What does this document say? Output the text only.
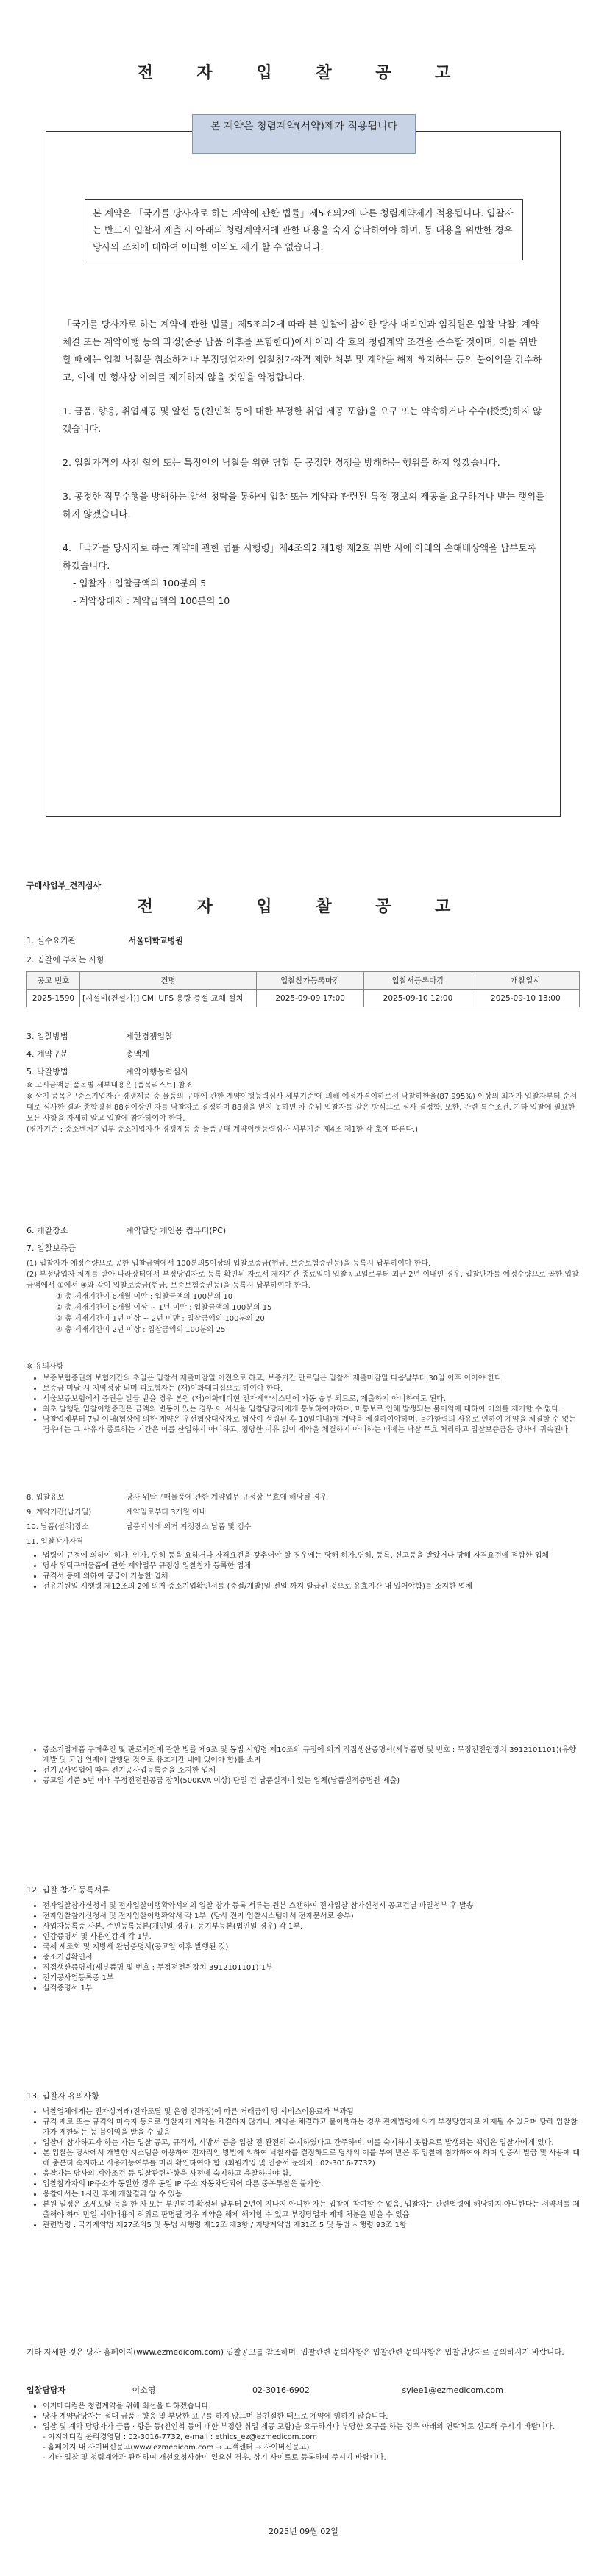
전 자 입 찰 공 고
본 계약은 청렴계약(서약)제가 적용됩니다
본 계약은 「국가를 당사자로 하는 계약에 관한 법률」제5조의2에 따른 청렴계약제가 적용됩니다. 입찰자는 반드시 입찰서 제출 시 아래의 청렴계약서에 관한 내용을 숙지 승낙하여야 하며, 동 내용을 위반한 경우 당사의 조치에 대하여 어떠한 이의도 제기 할 수 없습니다.

「국가를 당사자로 하는 계약에 관한 법률」제5조의2에 따라 본 입찰에 참여한 당사 대리인과 임직원은 입찰 낙찰, 계약체결 또는 계약이행 등의 과정(준공 납품 이후를 포함한다)에서 아래 각 호의 청렴계약 조건을 준수할 것이며, 이를 위반할 때에는 입찰 낙찰을 취소하거나 부정당업자의 입찰참가자격 제한 처분 및 계약을 해제 해지하는 등의 불이익을 감수하고, 이에 민 형사상 이의를 제기하지 않을 것임을 약정합니다.

1. 금품, 향응, 취업제공 및 알선 등(친인척 등에 대한 부정한 취업 제공 포함)을 요구 또는 약속하거나 수수(授受)하지 않겠습니다.

2. 입찰가격의 사전 협의 또는 특정인의 낙찰을 위한 담합 등 공정한 경쟁을 방해하는 행위를 하지 않겠습니다.

3. 공정한 직무수행을 방해하는 알선 청탁을 통하여 입찰 또는 계약과 관련된 특정 정보의 제공을 요구하거나 받는 행위를 하지 않겠습니다.

4. 「국가를 당사자로 하는 계약에 관한 법률 시행령」제4조의2 제1항 제2호 위반 시에 아래의 손해배상액을 납부토록 하겠습니다.

- 입찰자 : 입찰금액의 100분의 5

- 계약상대자 : 계약금액의 100분의 10

구매사업부_견적심사
전 자 입 찰 공 고
1. 실수요기관	서울대학교병원
2. 입찰에 부치는 사항
공고 번호	건명	입찰참가등록마감	입찰서등록마감	개찰일시
2025-1590	[시설비(건설가)] CMI UPS 용량 증설 교체 설치	2025-09-09 17:00	2025-09-10 12:00	2025-09-10 13:00
3. 입찰방법	제한경쟁입찰
4. 계약구분	총액계
5. 낙찰방법	계약이행능력심사
※ 고시금액등 품목별 세부내용은 [품목리스트] 참조
※ 상기 품목은 '중소기업자간 경쟁제품 중 물품의 구매에 관한 계약이행능력심사 세부기준'에 의해 예정가격이하로서 낙찰하한율(87.995%) 이상의 최저가 입찰자부터 순서대로 심사한 결과 종합평점 88점이상인 자를 낙찰자로 결정하며 88점을 얻지 못하면 차 순위 입찰자를 같은 방식으로 심사 결정함. 또한, 관련 특수조건, 기타 입찰에 필요한 모든 사항을 자세히 알고 입찰에 참가하여야 한다.
(평가기준 : 중소벤처기업부 중소기업자간 경쟁제품 중 물품구매 계약이행능력심사 세부기준 제4조 제1항 각 호에 따른다.)
6. 개찰장소	계약담당 개인용 컴퓨터(PC)
7. 입찰보증금
(1) 입찰자가 예정수량으로 공한 입찰금액에서 100분의5이상의 입찰보증금(현금, 보증보험증권등)을 등록시 납부하여야 한다.
(2) 부정당업자 처제를 받아 나라장터에서 부정당업자로 등록 확인된 자로서 제재기간 종료일이 입찰공고일로부터 최근 2년 이내인 경우, 입찰단가를 예정수량으로 곱한 입찰금액에서 ①에서 ④와 같이 입찰보증금(현금, 보증보험증권등)을 등록시 납부하여야 한다.
① 총 제재기간이 6개월 미만 : 입찰금액의 100분의 10
② 총 제재기간이 6개월 이상 ~ 1년 미만 : 입찰금액의 100분의 15
③ 총 제재기간이 1년 이상 ~ 2년 미만 : 입찰금액의 100분의 20
④ 총 제재기간이 2년 이상 : 입찰금액의 100분의 25
※ 유의사항
• 보증보험증권의 보험기간의 초일은 입찰서 제출마감일 이전으로 하고, 보증기간 만료일은 입찰서 제출마감일 다음날부터 30일 이후 이어야 한다.
• 보증금 미달 시 지역정상 되며 피보험자는 (재)이화대디집으로 하여야 한다.
• 서울보증보험에서 증권을 발급 받을 경우 본원 (재)이화대디현 전자계약시스템에 자동 승부 되므로, 제출하지 아니하여도 된다.
• 최초 발행된 입찰이행증권은 금액의 변동이 있는 경우 이 서식을 입찰담당자에게 통보하여야하며, 미통보로 인해 발생되는 불이익에 대하여 이의를 제기할 수 없다.
• 낙찰업체부터 7일 이내(협상에 의한 계약은 우선협상대상자로 협상이 성립된 후 10일이내)에 계약을 체결하여야하며, 불가항력의 사유로 인하여 계약을 체결할 수 없는 경우에는 그 사유가 종료하는 기간은 이를 산입하지 아니하고, 정당한 이유 없이 계약을 체결하지 아니하는 때에는 낙찰 무효 처리하고 입찰보증금은 당사에 귀속된다.
8. 입찰유보	당사 위탁구매물품에 관한 계약업무 규정상 무효에 해당될 경우
9. 계약기간(납기일)	계약일로부터 3개월 이내
10. 납품(설치)장소	납품지시에 의거 지정장소 납품 및 검수
11. 입찰참가자격
• 법령이 규정에 의하여 허가, 인가, 면허 등을 요하거나 자격요건을 갖추어야 할 경우에는 당해 허가,면허, 등록, 신고등을 받았거나 당해 자격요건에 적합한 업체
• 당사 위탁구매물품에 관한 계약업무 규정상 입찰참가 등록한 업체
• 규격서 등에 의하여 공급이 가능한 업체
• 전유기원일 시행령 제12조의 2에 의거 중소기업확인서를 (중절/개발)일 전일 까지 발급된 것으로 유효기간 내 있어야함)를 소지한 업체
• 중소기업제품 구매촉진 및 판로지원에 관한 법률 제9조 및 동법 시행령 제10조의 규정에 의거 직접생산증명서(세부품명 및 번호 : 무정전전원장치 3912101101)(유향 개발 및 고입 언제에 발행된 것으로 유효기간 내에 있어야 함)를 소지
• 전기공사업법에 따른 전기공사업등록증을 소지한 업체
• 공고일 기준 5년 이내 무정전전원공급 장치(500KVA 이상) 단일 건 납품실적이 있는 업체(납품실적증명원 제출)
12. 입찰 참가 등록서류
• 전자입찰참가신청서 및 전자입찰이행확약서의의 입찰 참가 등록 서류는 원본 스캔하여 전자입찰 참가신청시 공고건별 파일첨부 후 발송
• 전자입찰참가신청서 및 전자입찰이행확약서 각 1부. (당사 전자 입찰시스템에서 전자문서로 송부)
• 사업자등록증 사본, 주민등록등본(개인일 경우), 등기부등본(법인일 경우) 각 1부.
• 인감증명서 및 사용인감계 각 1부.
• 국세 세조회 및 지방세 완납증명서(공고일 이후 발행된 것)
• 중소기업확인서
• 직접생산증명서(세부품명 및 번호 : 무정전전원장치 3912101101) 1부
• 전기공사업등록증 1부
• 실적증명서 1부
13. 입찰자 유의사항
• 낙찰업체에게는 전자상거래(전자조달 및 운영 전과정)에 따른 거래금액 당 서비스이용료가 부과됨
• 규격 제로 또는 규격의 미숙지 등으로 입찰자가 계약을 체결하지 않거나, 계약을 체결하고 불이행하는 경우 관계법령에 의거 부정당업자로 제재될 수 있으며 당해 입찰참가가 제한되는 등 불이익을 받을 수 있음
• 입찰에 참가하고자 하는 자는 입찰 공고, 규격서, 시방서 등을 입찰 전 완전히 숙지하였다고 간주하며, 이를 숙지하지 못함으로 발생되는 책임은 입찰자에게 있다.
• 본 입찰은 당사에서 개발한 시스템을 이용하여 전자적인 방법에 의하여 낙찰자를 결정하므로 당사의 이를 부여 받은 후 입찰에 참가하여야 하며 인증서 발급 및 사용에 대해 충분히 숙지하고 사용가능여부를 미리 확인하여야 함. (회원가입 및 인증서 문의처 : 02-3016-7732)
• 응찰가는 당사의 계약조건 등 입찰관련사항을 사전에 숙지하고 응찰하여야 함.
• 입찰참가자의 IP주소가 동일한 경우 동일 IP 주소 자동차단되어 다른 중복투찰은 불가함.
• 응찰에서는 1시간 후에 개찰결과 알 수 있음.
• 본원 일정은 조세포탈 등을 한 자 또는 부인하여 확정된 날부터 2년이 지나지 아니한 자는 입찰에 참여할 수 없음. 입찰자는 관련법령에 해당하지 아니한다는 서약서를 제출해야 하며 만일 서약내용이 허위로 판명될 경우 계약을 해제 해지할 수 있고 부정당업자 제재 처분을 받을 수 있음
• 관련법령 : 국가계약법 제27조의5 및 동법 시행령 제12조 제3항 / 지방계약법 제31조 5 및 동법 시행령 93조 1항
기타 자세한 것은 당사 홈페이지(www.ezmedicom.com) 입찰공고를 참조하며, 입찰관련 문의사항은 입찰관련 문의사항은 입찰담당자로 문의하시기 바랍니다.
입찰담당자	이소영	02-3016-6902	sylee1@ezmedicom.com
• 이지메디컴은 청렴계약을 위해 최선을 다하겠습니다.
• 당사 계약담당자는 절대 금품 · 향응 및 부당한 요구를 하지 않으며 불친절한 태도로 계약에 임하지 않습니다.
• 입찰 및 계약 담당자가 금품 · 향응 등(친인척 등에 대한 부정한 취업 제공 포함)을 요구하거나 부당한 요구를 하는 경우 아래의 연락처로 신고해 주시기 바랍니다.
- 이지메디컴 윤리경영팀 : 02-3016-7732, e-mail : ethics_ez@ezmedicom.com
- 홈페이지 내 사이버신문고(www.ezmedicom.com → 고객센터 → 사이버신문고)
- 기타 입찰 및 청렴계약과 관련하여 개선요청사항이 있으신 경우, 상기 사이트로 등록하여 주시기 바랍니다.
2025년 09월 02일
